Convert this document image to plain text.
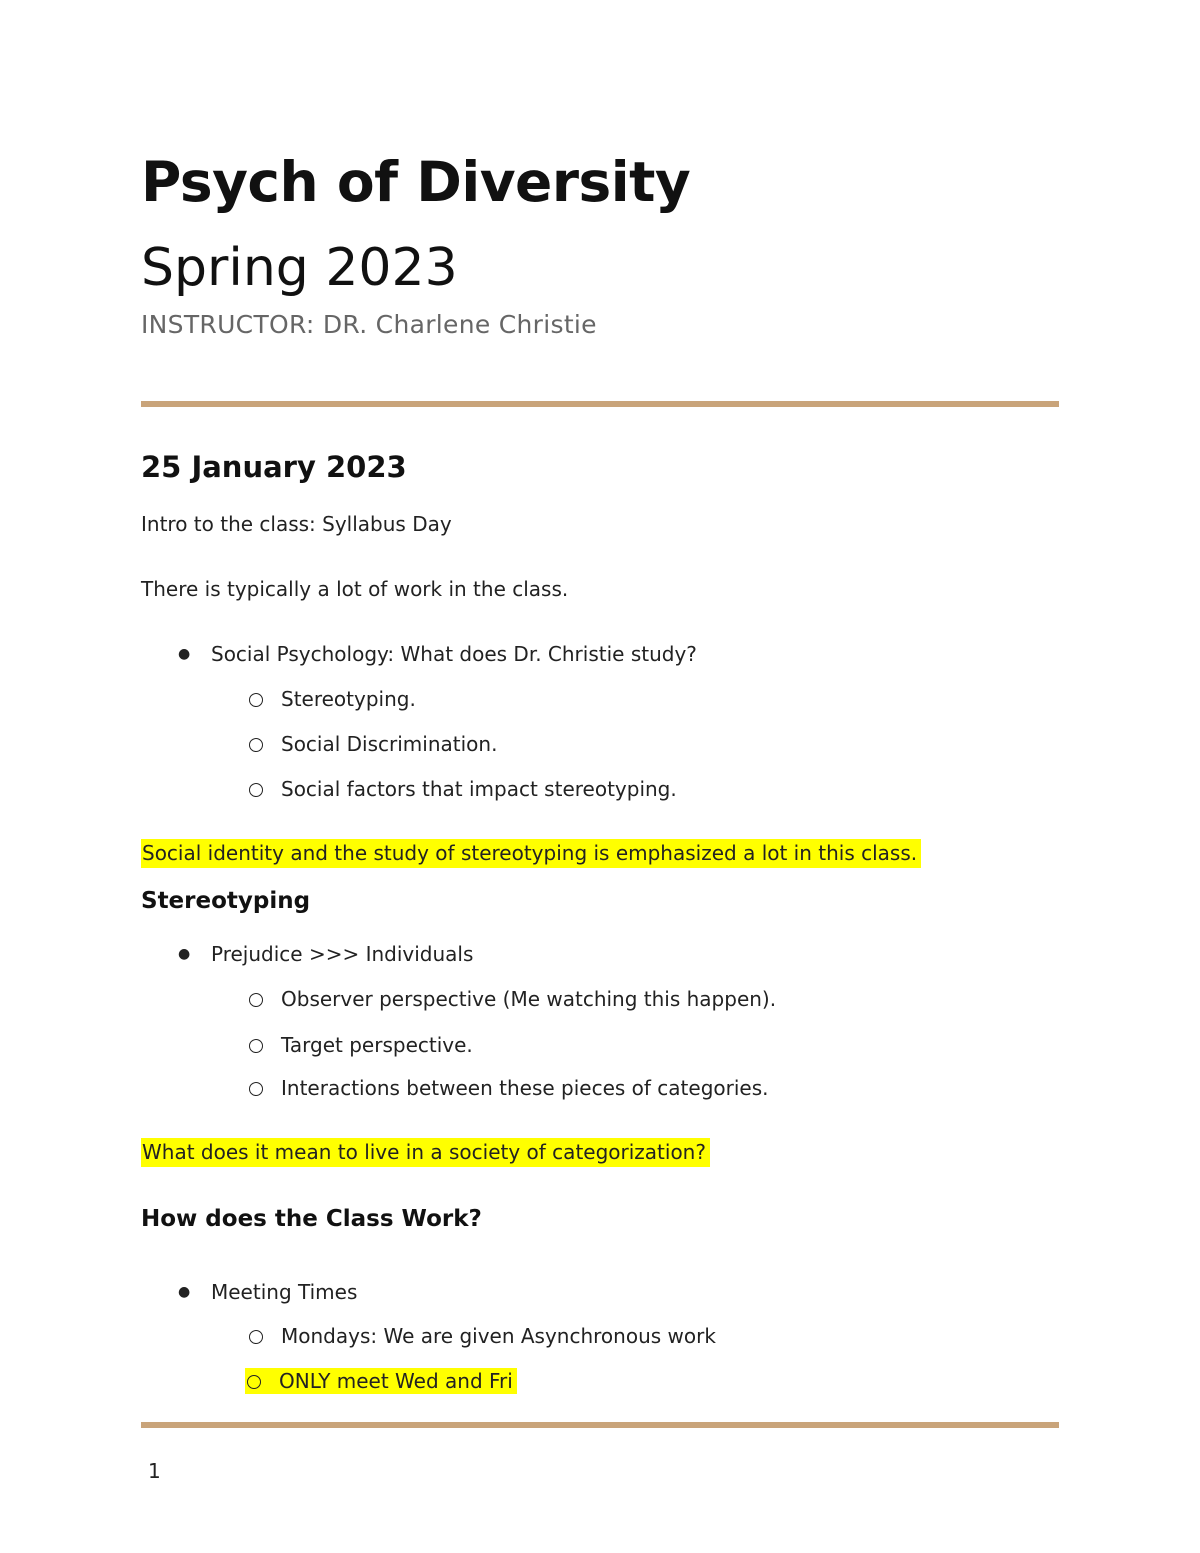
Psych of Diversity
Spring 2023
INSTRUCTOR: DR. Charlene Christie
25 January 2023

Intro to the class: Syllabus Day

There is typically a lot of work in the class.

● Social Psychology: What does Dr. Christie study?
Stereotyping.
Social Discrimination.
Social factors that impact stereotyping.

Social identity and the study of stereotyping is emphasized a lot in this class.

Stereotyping
● Prejudice >>> Individuals
Observer perspective (Me watching this happen).
Target perspective.
Interactions between these pieces of categories.

What does it mean to live in a society of categorization?

How does the Class Work?
● Meeting Times
Mondays: We are given Asynchronous work
ONLY meet Wed and Fri
1
